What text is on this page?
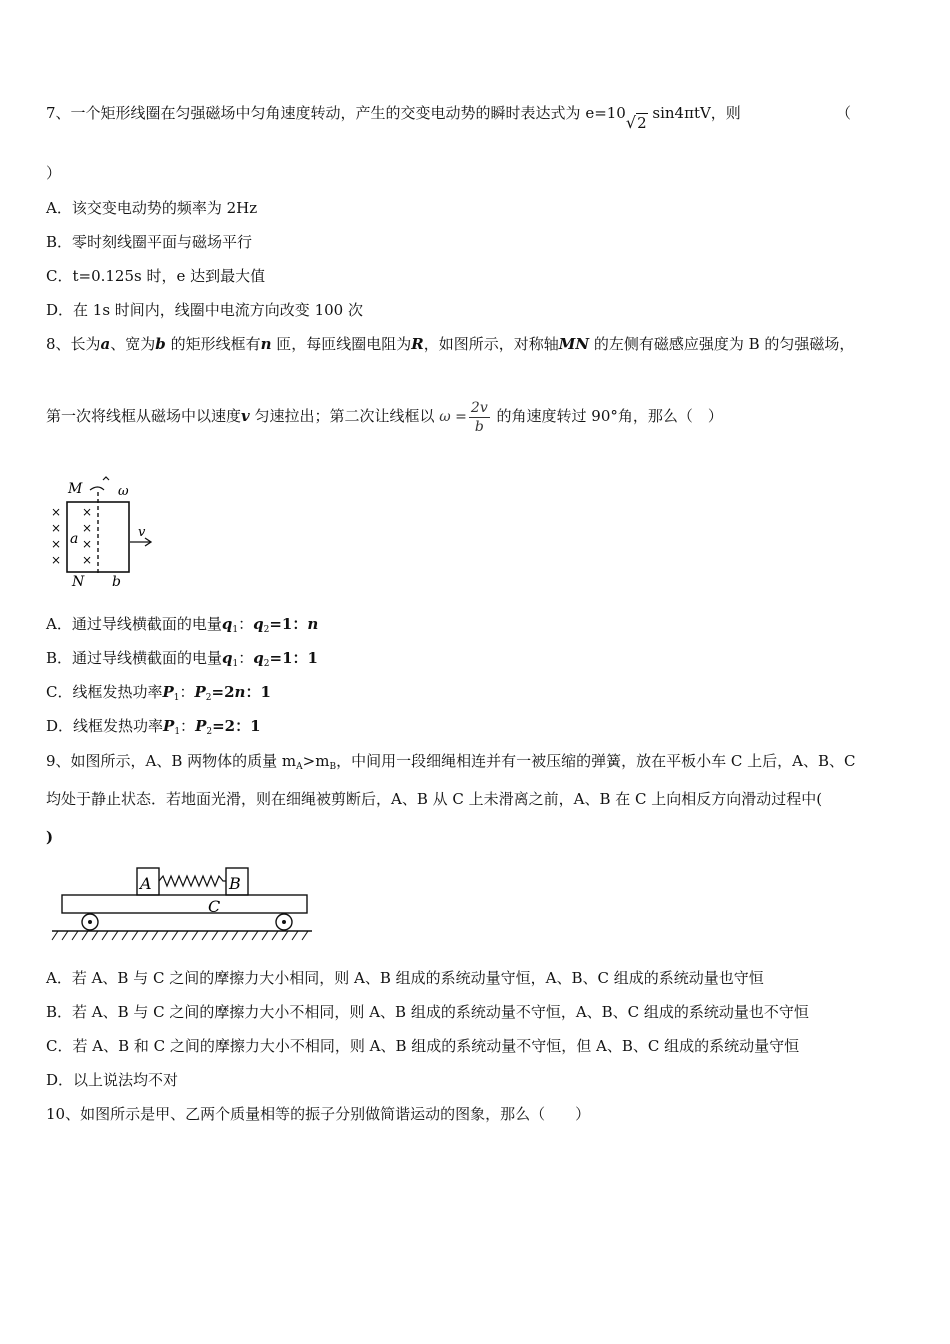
7、一个矩形线圈在匀强磁场中匀角速度转动，产生的交变电动势的瞬时表达式为 e=10√2 sin4πtV，则	（
）
A．该交变电动势的频率为 2Hz
B．零时刻线圈平面与磁场平行
C．t=0.125s 时，e 达到最大值
D．在 1s 时间内，线圈中电流方向改变 100 次
8、长为a、宽为b 的矩形线框有n 匝，每匝线圈电阻为R，如图所示，对称轴MN 的左侧有磁感应强度为 B 的匀强磁场，
第一次将线框从磁场中以速度v 匀速拉出；第二次让线框以 $\omega = \frac{2v}{b}$ 的角速度转过 90°角，那么（　）
M	ω
×
×
×
×
×
×
×
×
a	v
N b
A．通过导线横截面的电量$q_1$：$q_2=1$：n
B．通过导线横截面的电量$q_1$：$q_2=1$：1
C．线框发热功率$P_1$：$P_2=2n$：1
D．线框发热功率$P_1$：$P_2=2$：1
9、如图所示，A、B 两物体的质量 $m_A>m_B$，中间用一段细绳相连并有一被压缩的弹簧，放在平板小车 C 上后，A、B、C
均处于静止状态．若地面光滑，则在细绳被剪断后，A、B 从 C 上未滑离之前，A、B 在 C 上向相反方向滑动过程中(
)
A	B
C
A．若 A、B 与 C 之间的摩擦力大小相同，则 A、B 组成的系统动量守恒，A、B、C 组成的系统动量也守恒
B．若 A、B 与 C 之间的摩擦力大小不相同，则 A、B 组成的系统动量不守恒，A、B、C 组成的系统动量也不守恒
C．若 A、B 和 C 之间的摩擦力大小不相同，则 A、B 组成的系统动量不守恒，但 A、B、C 组成的系统动量守恒
D．以上说法均不对
10、如图所示是甲、乙两个质量相等的振子分别做简谐运动的图象，那么（　　）
